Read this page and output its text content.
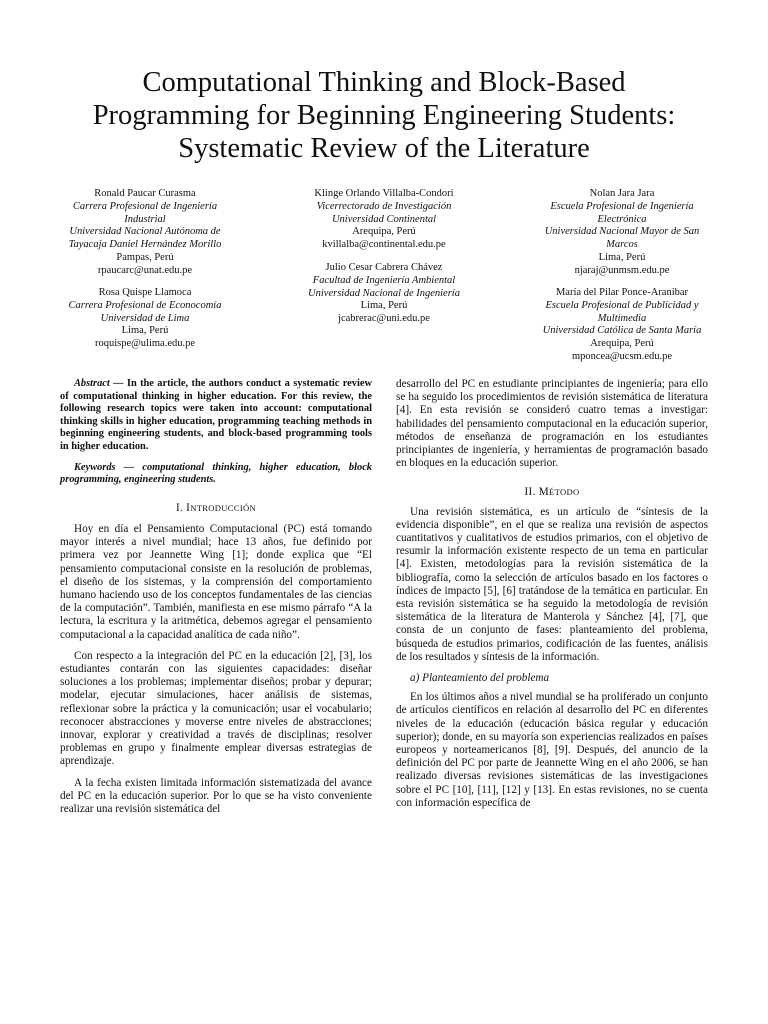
Computational Thinking and Block-Based
Programming for Beginning Engineering Students:
Systematic Review of the Literature
Ronald Paucar Curasma
Carrera Profesional de Ingeniería
Industrial
Universidad Nacional Autónoma de
Tayacaja Daniel Hernández Morillo
Pampas, Perú
rpaucarc@unat.edu.pe
Rosa Quispe Llamoca
Carrera Profesional de Econocomía
Universidad de Lima
Lima, Perú
roquispe@ulima.edu.pe
Klinge Orlando Villalba-Condori
Vicerrectorado de Investigación
Universidad Continental
Arequipa, Perú
kvillalba@continental.edu.pe
Julio Cesar Cabrera Chávez
Facultad de Ingeniería Ambiental
Universidad Nacional de Ingeniería
Lima, Perú
jcabrerac@uni.edu.pe
Nolan Jara Jara
Escuela Profesional de Ingeniería
Electrónica
Universidad Nacional Mayor de San
Marcos
Lima, Perú
njaraj@unmsm.edu.pe
María del Pilar Ponce-Aranibar
Escuela Profesional de Publicidad y
Multimedia
Universidad Católica de Santa María
Arequipa, Perú
mponcea@ucsm.edu.pe

Abstract — In the article, the authors conduct a systematic review of computational thinking in higher education. For this review, the following research topics were taken into account: computational thinking skills in higher education, programming teaching methods in beginning engineering students, and block-based programming tools in higher education.

Keywords — computational thinking, higher education, block programming, engineering students.

I. INTRODUCCIÓN

Hoy en día el Pensamiento Computacional (PC) está tomando mayor interés a nivel mundial; hace 13 años, fue definido por primera vez por Jeannette Wing [1]; donde explica que “El pensamiento computacional consiste en la resolución de problemas, el diseño de los sistemas, y la comprensión del comportamiento humano haciendo uso de los conceptos fundamentales de las ciencias de la computación”. También, manifiesta en ese mismo párrafo “A la lectura, la escritura y la aritmética, debemos agregar el pensamiento computacional a la capacidad analítica de cada niño”.

Con respecto a la integración del PC en la educación [2], [3], los estudiantes contarán con las siguientes capacidades: diseñar soluciones a los problemas; implementar diseños; probar y depurar; modelar, ejecutar simulaciones, hacer análisis de sistemas, reflexionar sobre la práctica y la comunicación; usar el vocabulario; reconocer abstracciones y moverse entre niveles de abstracciones; innovar, explorar y creatividad a través de disciplinas; resolver problemas en grupo y finalmente emplear diversas estrategias de aprendizaje.

A la fecha existen limitada información sistematizada del avance del PC en la educación superior. Por lo que se ha visto conveniente realizar una revisión sistemática del

desarrollo del PC en estudiante principiantes de ingeniería; para ello se ha seguido los procedimientos de revisión sistemática de literatura [4]. En esta revisión se consideró cuatro temas a investigar: habilidades del pensamiento computacional en la educación superior, métodos de enseñanza de programación en los estudiantes principiantes de ingeniería, y herramientas de programación basado en bloques en la educación superior.

II. MÉTODO

Una revisión sistemática, es un artículo de “síntesis de la evidencia disponible”, en el que se realiza una revisión de aspectos cuantitativos y cualitativos de estudios primarios, con el objetivo de resumir la información existente respecto de un tema en particular [4]. Existen, metodologías para la revisión sistemática de la bibliografía, como la selección de artículos basado en los factores o índices de impacto [5], [6] tratándose de la temática en particular. En esta revisión sistemática se ha seguido la metodología de revisión sistemática de la literatura de Manterola y Sánchez [4], [7], que consta de un conjunto de fases: planteamiento del problema, búsqueda de estudios primarios, codificación de las fuentes, análisis de los resultados y síntesis de la información.

a) Planteamiento del problema

En los últimos años a nivel mundial se ha proliferado un conjunto de artículos científicos en relación al desarrollo del PC en diferentes niveles de la educación (educación básica regular y educación superior); donde, en su mayoría son experiencias realizados en países europeos y norteamericanos [8], [9]. Después, del anuncio de la definición del PC por parte de Jeannette Wing en el año 2006, se han realizado diversas revisiones sistemáticas de las investigaciones sobre el PC [10], [11], [12] y [13]. En estas revisiones, no se cuenta con información específica de
